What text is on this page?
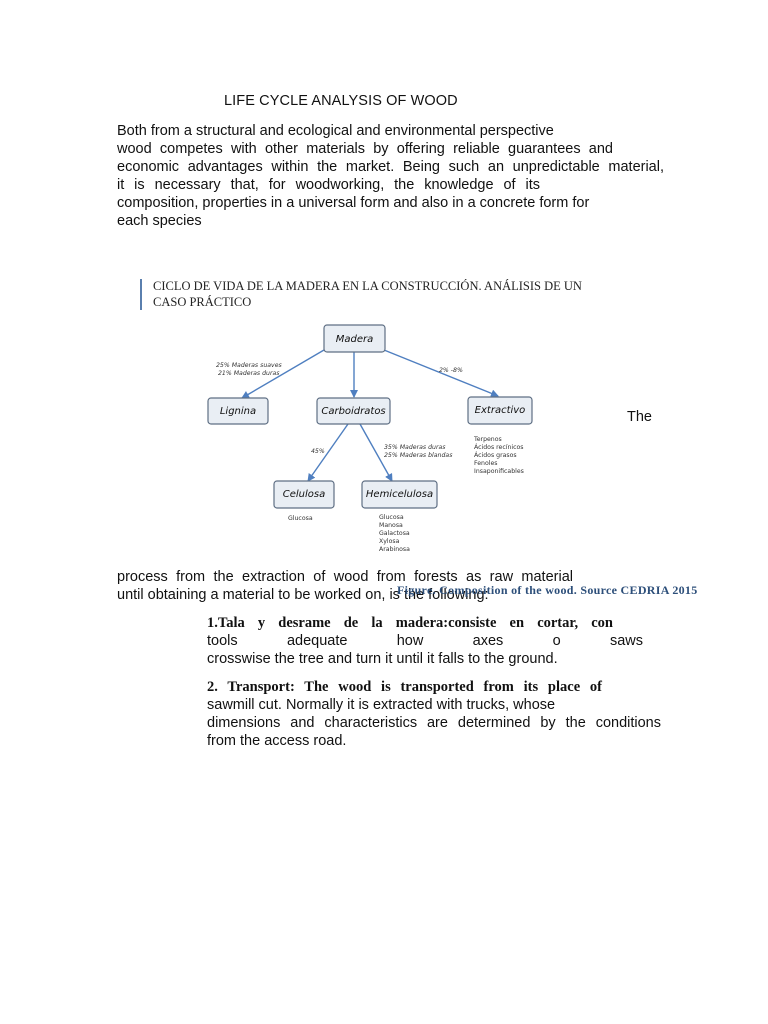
LIFE CYCLE ANALYSIS OF WOOD

Both from a structural and ecological and environmental perspective

wood competes with other materials by offering reliable guarantees and

economic advantages within the market. Being such an unpredictable material,

it is necessary that, for woodworking, the knowledge of its

composition, properties in a universal form and also in a concrete form for

each species

CICLO DE VIDA DE LA MADERA EN LA CONSTRUCCIÓN. ANÁLISIS DE UN
CASO PRÁCTICO
25% Maderas suaves
21% Maderas duras	2% -8%
45%
35% Maderas duras
25% Maderas blandas
Madera
Lignina	Carboidratos	Extractivo
Celulosa	Hemicelulosa
Terpenos
Ácidos recínicos
Ácidos grasos
Fenoles
Insaponificables
Glucosa	Glucosa
Manosa
Galactosa
Xylosa
Arabinosa
The

process from the extraction of wood from forests as raw material

until obtaining a material to be worked on, is the following:

1.Tala y desrame de la madera:consiste en cortar, con

tools adequate how axes o saws

crosswise the tree and turn it until it falls to the ground.

2. Transport: The wood is transported from its place of

sawmill cut. Normally it is extracted with trucks, whose

dimensions and characteristics are determined by the conditions

from the access road.

Figure. Composition of the wood. Source CEDRIA 2015
